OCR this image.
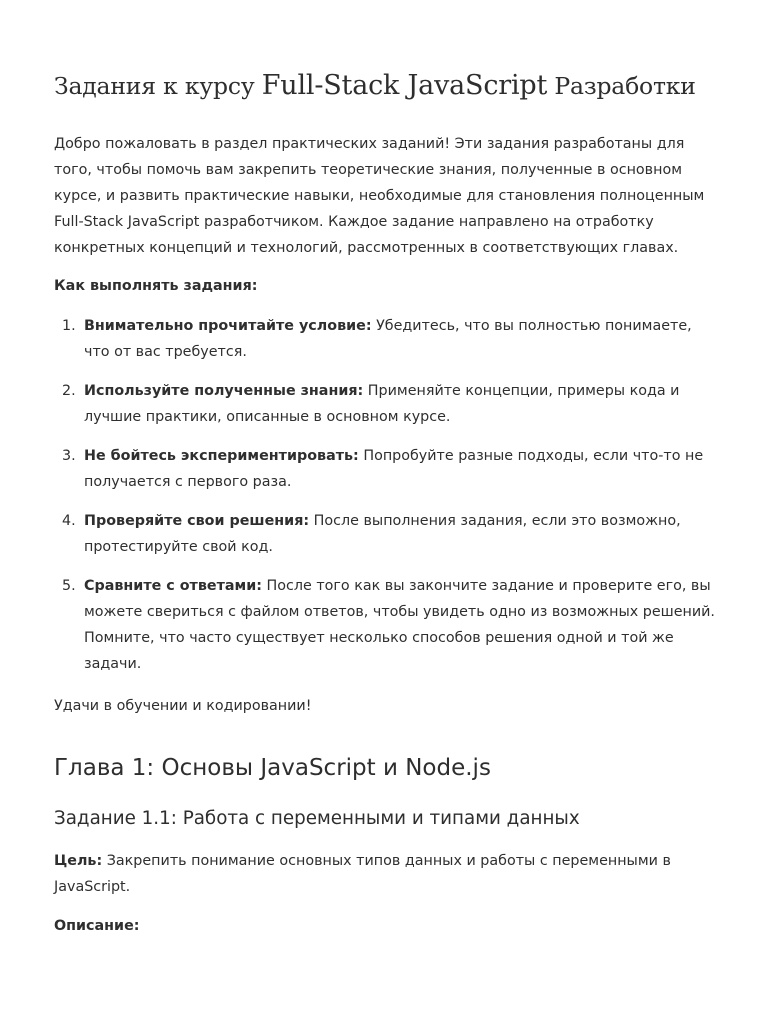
Задания к курсу Full-Stack JavaScript Разработки

Добро пожаловать в раздел практических заданий! Эти задания разработаны для того, чтобы помочь вам закрепить теоретические знания, полученные в основном курсе, и развить практические навыки, необходимые для становления полноценным Full-Stack JavaScript разработчиком. Каждое задание направлено на отработку конкретных концепций и технологий, рассмотренных в соответствующих главах.

Как выполнять задания:

1. Внимательно прочитайте условие: Убедитесь, что вы полностью понимаете, что от вас требуется.
2. Используйте полученные знания: Применяйте концепции, примеры кода и лучшие практики, описанные в основном курсе.
3. Не бойтесь экспериментировать: Попробуйте разные подходы, если что-то не получается с первого раза.
4. Проверяйте свои решения: После выполнения задания, если это возможно, протестируйте свой код.
5. Сравните с ответами: После того как вы закончите задание и проверите его, вы можете свериться с файлом ответов, чтобы увидеть одно из возможных решений. Помните, что часто существует несколько способов решения одной и той же задачи.

Удачи в обучении и кодировании!

Глава 1: Основы JavaScript и Node.js
Задание 1.1: Работа с переменными и типами данных

Цель: Закрепить понимание основных типов данных и работы с переменными в JavaScript.

Описание:
